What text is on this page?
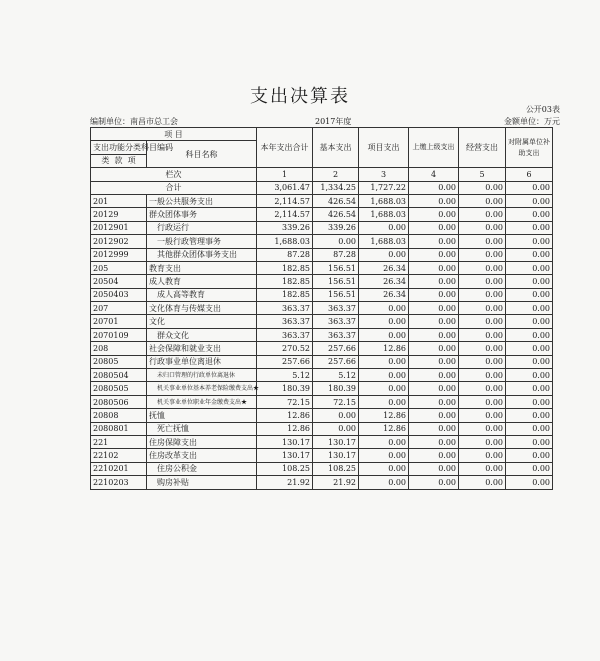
支出决算表
公开03表
编制单位：南昌市总工会	2017年度	金额单位：万元
项 目		本年支出合计	基本支出	项目支出	上缴上级支出	经营支出	对附属单位补助支出
支出功能分类科目编码	科目名称						
类 款 项							
栏次		1	2	3	4	5	6
合计		3,061.47	1,334.25	1,727.22	0.00	0.00	0.00
201	一般公共服务支出	2,114.57	426.54	1,688.03	0.00	0.00	0.00
20129	群众团体事务	2,114.57	426.54	1,688.03	0.00	0.00	0.00
2012901	行政运行	339.26	339.26	0.00	0.00	0.00	0.00
2012902	一般行政管理事务	1,688.03	0.00	1,688.03	0.00	0.00	0.00
2012999	其他群众团体事务支出	87.28	87.28	0.00	0.00	0.00	0.00
205	教育支出	182.85	156.51	26.34	0.00	0.00	0.00
20504	成人教育	182.85	156.51	26.34	0.00	0.00	0.00
2050403	成人高等教育	182.85	156.51	26.34	0.00	0.00	0.00
207	文化体育与传媒支出	363.37	363.37	0.00	0.00	0.00	0.00
20701	文化	363.37	363.37	0.00	0.00	0.00	0.00
2070109	群众文化	363.37	363.37	0.00	0.00	0.00	0.00
208	社会保障和就业支出	270.52	257.66	12.86	0.00	0.00	0.00
20805	行政事业单位离退休	257.66	257.66	0.00	0.00	0.00	0.00
2080504	未归口管理的行政单位离退休	5.12	5.12	0.00	0.00	0.00	0.00
2080505	机关事业单位基本养老保险缴费支出★	180.39	180.39	0.00	0.00	0.00	0.00
2080506	机关事业单位职业年金缴费支出★	72.15	72.15	0.00	0.00	0.00	0.00
20808	抚恤	12.86	0.00	12.86	0.00	0.00	0.00
2080801	死亡抚恤	12.86	0.00	12.86	0.00	0.00	0.00
221	住房保障支出	130.17	130.17	0.00	0.00	0.00	0.00
22102	住房改革支出	130.17	130.17	0.00	0.00	0.00	0.00
2210201	住房公积金	108.25	108.25	0.00	0.00	0.00	0.00
2210203	购房补贴	21.92	21.92	0.00	0.00	0.00	0.00
